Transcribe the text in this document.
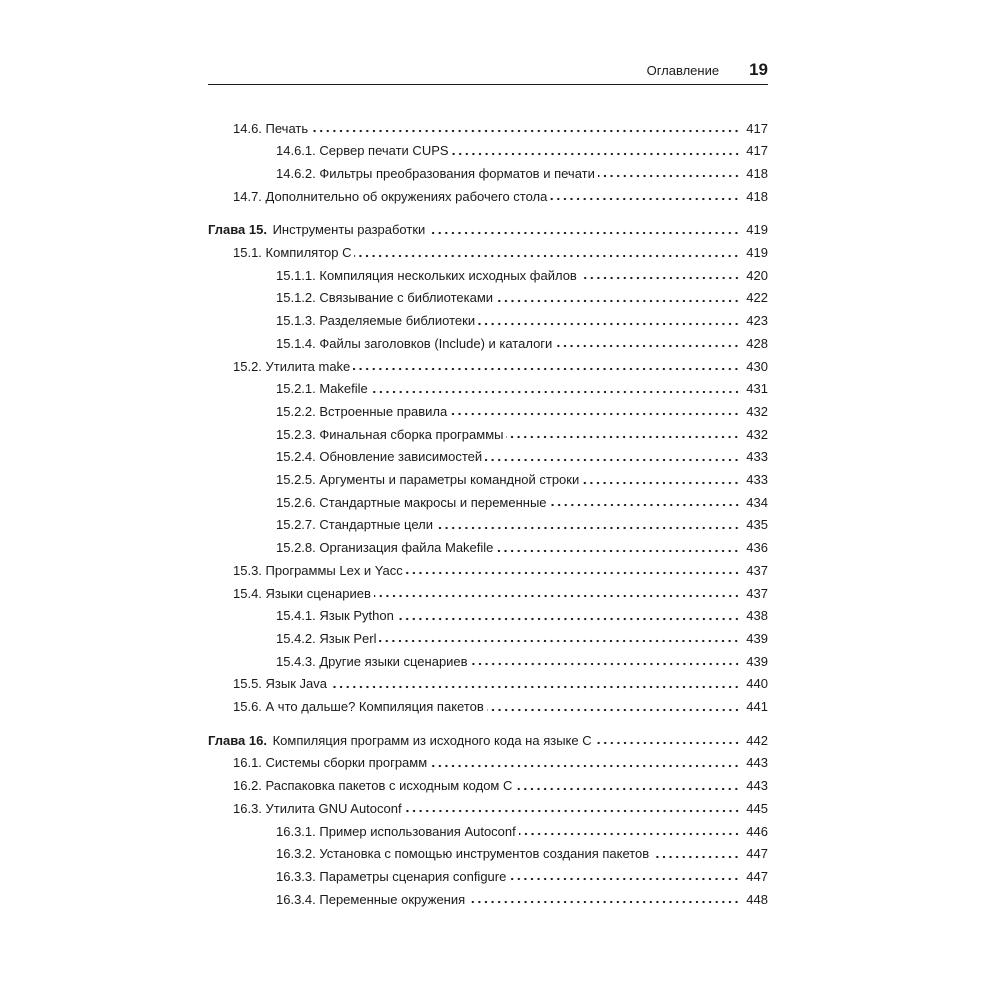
Оглавление 19
14.6. Печать	417
14.6.1. Сервер печати CUPS	417
14.6.2. Фильтры преобразования форматов и печати	418
14.7. Дополнительно об окружениях рабочего стола	418
Глава 15. Инструменты разработки	419
15.1. Компилятор С	419
15.1.1. Компиляция нескольких исходных файлов	420
15.1.2. Связывание с библиотеками	422
15.1.3. Разделяемые библиотеки	423
15.1.4. Файлы заголовков (Include) и каталоги	428
15.2. Утилита make	430
15.2.1. Makefile	431
15.2.2. Встроенные правила	432
15.2.3. Финальная сборка программы	432
15.2.4. Обновление зависимостей	433
15.2.5. Аргументы и параметры командной строки	433
15.2.6. Стандартные макросы и переменные	434
15.2.7. Стандартные цели	435
15.2.8. Организация файла Makefile	436
15.3. Программы Lex и Yacc	437
15.4. Языки сценариев	437
15.4.1. Язык Python	438
15.4.2. Язык Perl	439
15.4.3. Другие языки сценариев	439
15.5. Язык Java	440
15.6. А что дальше? Компиляция пакетов	441
Глава 16. Компиляция программ из исходного кода на языке С	442
16.1. Системы сборки программ	443
16.2. Распаковка пакетов с исходным кодом С	443
16.3. Утилита GNU Autoconf	445
16.3.1. Пример использования Autoconf	446
16.3.2. Установка с помощью инструментов создания пакетов	447
16.3.3. Параметры сценария configure	447
16.3.4. Переменные окружения	448
